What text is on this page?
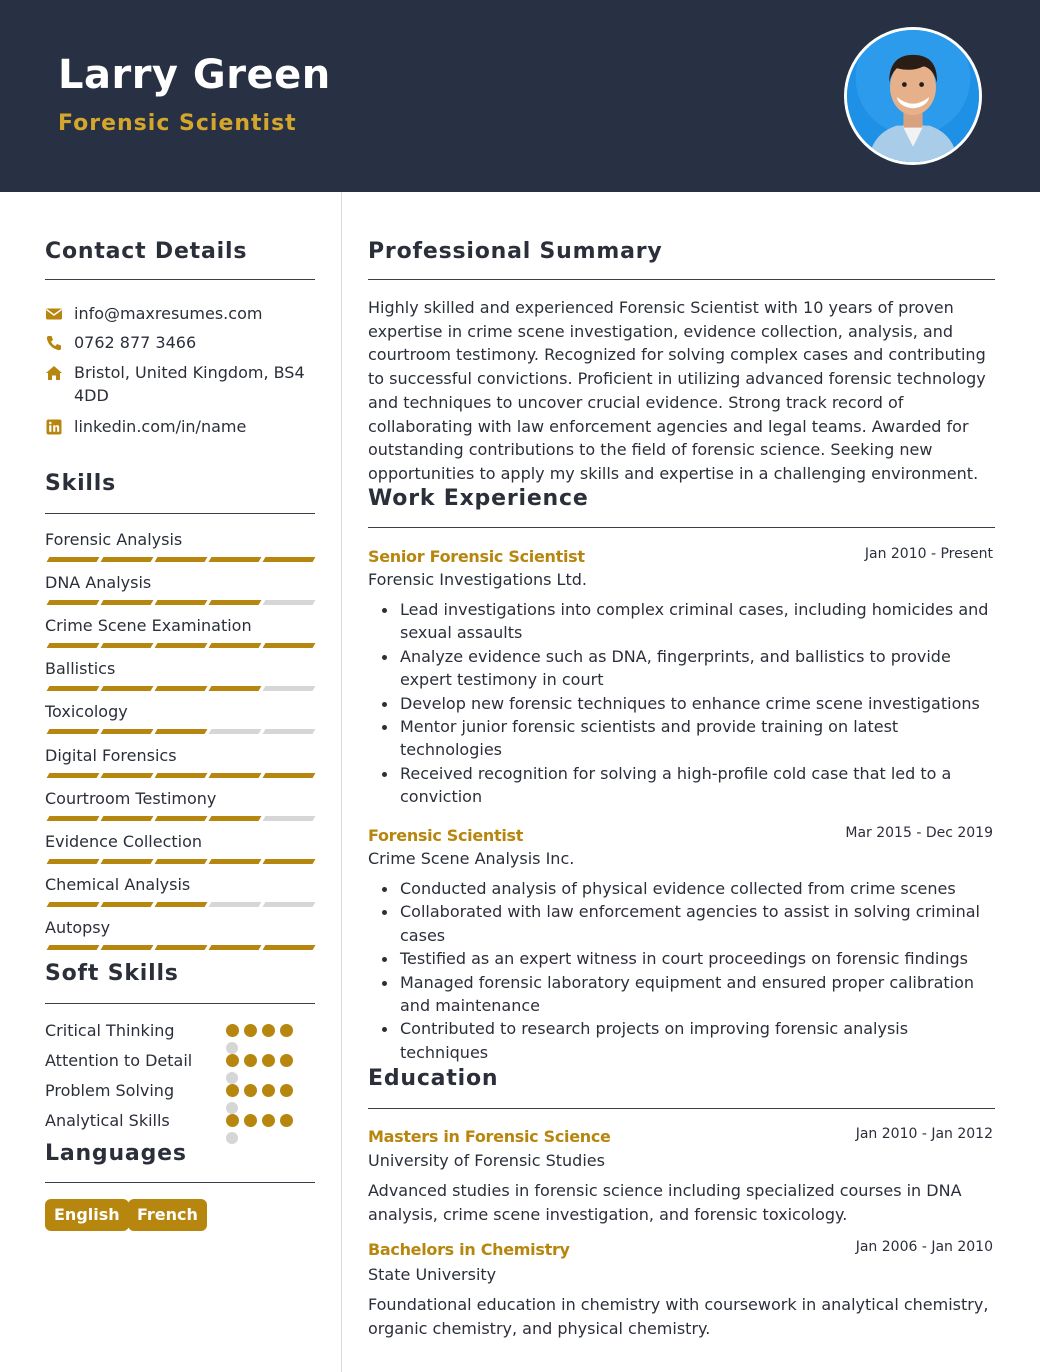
Larry Green
Forensic Scientist
Contact Details
info@maxresumes.com
0762 877 3466
Bristol, United Kingdom, BS4 4DD
linkedin.com/in/name
Skills
Forensic Analysis
DNA Analysis
Crime Scene Examination
Ballistics
Toxicology
Digital Forensics
Courtroom Testimony
Evidence Collection
Chemical Analysis
Autopsy
Soft Skills
Critical Thinking
Attention to Detail
Problem Solving
Analytical Skills
Languages
English	French
Professional Summary
Highly skilled and experienced Forensic Scientist with 10 years of proven expertise in crime scene investigation, evidence collection, analysis, and courtroom testimony. Recognized for solving complex cases and contributing to successful convictions. Proficient in utilizing advanced forensic technology and techniques to uncover crucial evidence. Strong track record of collaborating with law enforcement agencies and legal teams. Awarded for outstanding contributions to the field of forensic science. Seeking new opportunities to apply my skills and expertise in a challenging environment.
Work Experience
Senior Forensic Scientist	Jan 2010 - Present
Forensic Investigations Ltd.
Lead investigations into complex criminal cases, including homicides and sexual assaults
Analyze evidence such as DNA, fingerprints, and ballistics to provide expert testimony in court
Develop new forensic techniques to enhance crime scene investigations
Mentor junior forensic scientists and provide training on latest technologies
Received recognition for solving a high-profile cold case that led to a conviction
Forensic Scientist	Mar 2015 - Dec 2019
Crime Scene Analysis Inc.
Conducted analysis of physical evidence collected from crime scenes
Collaborated with law enforcement agencies to assist in solving criminal cases
Testified as an expert witness in court proceedings on forensic findings
Managed forensic laboratory equipment and ensured proper calibration and maintenance
Contributed to research projects on improving forensic analysis techniques
Education
Masters in Forensic Science	Jan 2010 - Jan 2012
University of Forensic Studies
Advanced studies in forensic science including specialized courses in DNA analysis, crime scene investigation, and forensic toxicology.
Bachelors in Chemistry	Jan 2006 - Jan 2010
State University
Foundational education in chemistry with coursework in analytical chemistry, organic chemistry, and physical chemistry.
